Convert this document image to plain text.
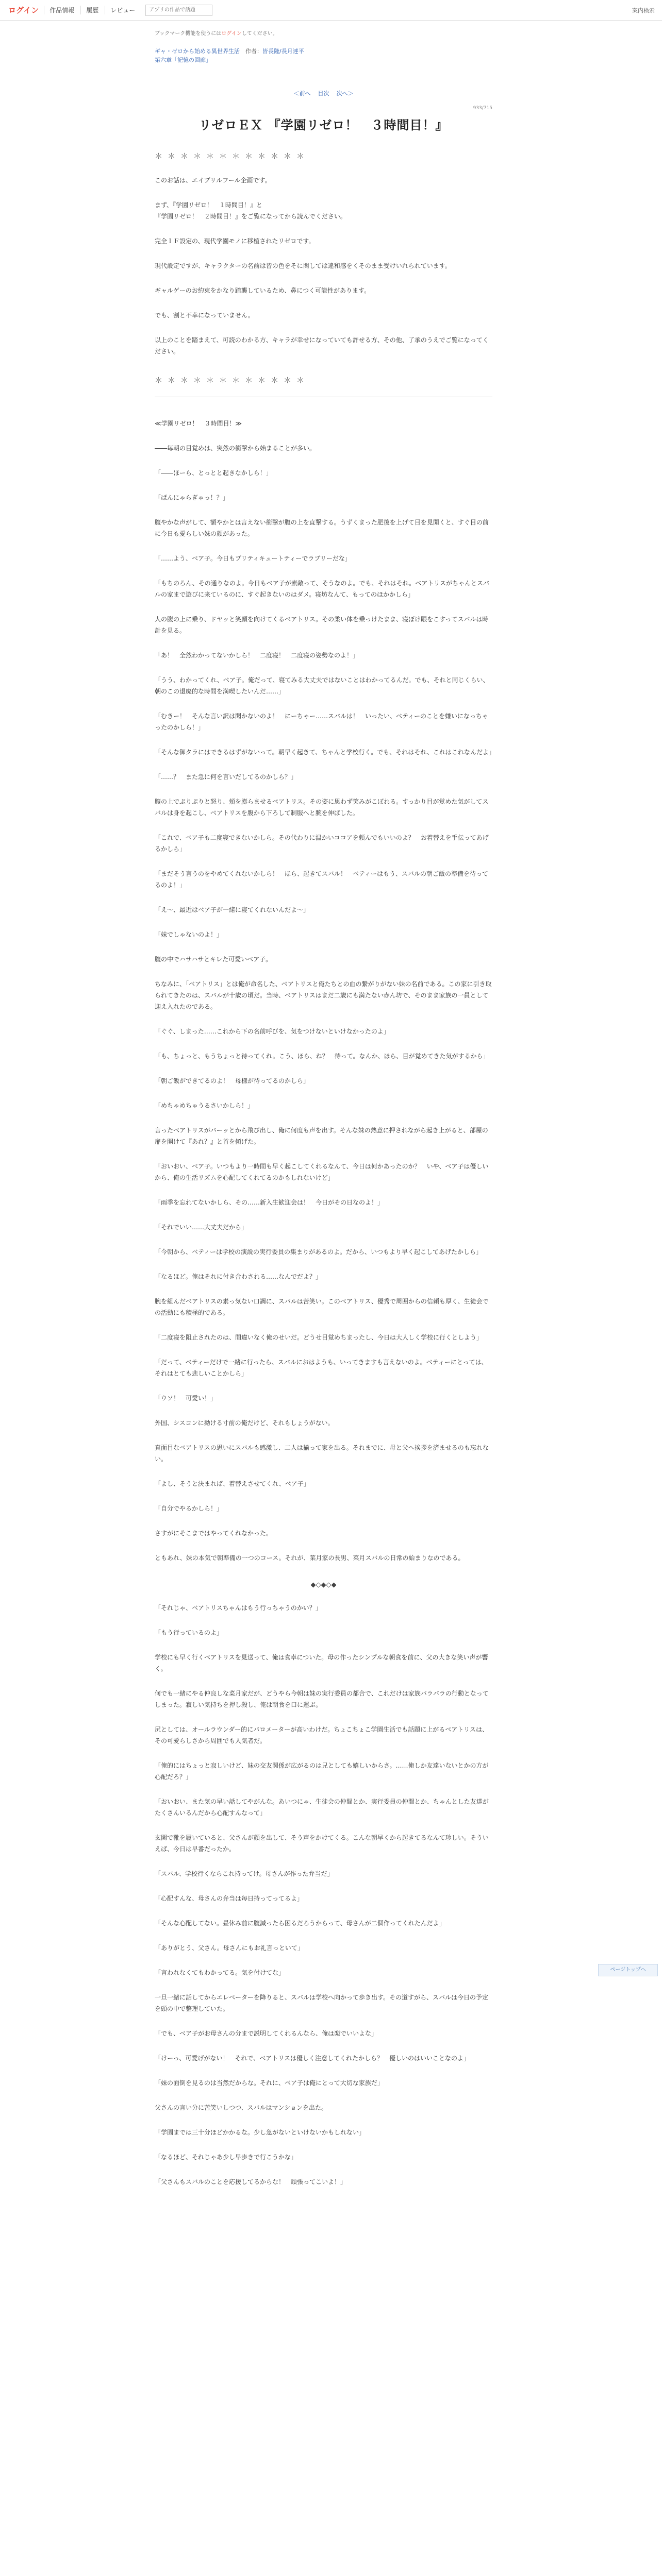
ログイン	作品情報	履歴	レビュー
アプリの作品で話題	案内検索
ブックマーク機能を使うにはログインしてください。
ギャ・ゼロから始める異世界生活　 作者：皆長隆/長月達平
第六章「記憶の回廊」
＜前へ 目次 次へ＞
933/715
リゼロＥＸ 『学園リゼロ！　３時間目！』
＊＊＊＊＊＊＊＊＊＊＊＊

このお話は、エイプリルフール企画です。

まず、『学園リゼロ！　１時間目！』と
『学園リゼロ！　２時間目！』をご覧になってから読んでください。

完全ＩＦ設定の、現代学園モノに移植されたリゼロです。

現代設定ですが、キャラクターの名前は皆の色をそに関しては違和感をくそのまま受けいれられています。

ギャルゲーのお約束をかなり踏襲しているため、鼻につく可能性があります。

でも、割と不幸になっていません。

以上のことを踏まえて、可読のわかる方、キャラが幸せになっていても許せる方、その他、了承のうえでご覧になってください。

＊＊＊＊＊＊＊＊＊＊＊＊

≪学園リゼロ！　３時間目！≫

――毎朝の目覚めは、突然の衝撃から始まることが多い。

「――ほーら、とっとと起きなかしら！」

「ぱんにゃらぎゃっ！？」

腹やかな声がして、額やかとは言えない衝撃が腹の上を直撃する。うずくまった肥後を上げて目を見開くと、すぐ目の前に今日も愛らしい妹の顔があった。

「……よう、ベア子。今日もプリティキュートティーでラブリーだな」

「もちのろん、その通りなのよ。今日もベア子が素敵って、そうなのよ。でも、それはそれ。ベアトリスがちゃんとスバルの家まで遊びに来ているのに、すぐ起きないのはダメ。寝坊なんて、もってのほかかしら」

人の腹の上に乗り、ドヤッと笑顔を向けてくるベアトリス。その柔い体を乗っけたまま、寝ぼけ眼をこすってスバルは時計を見る。

「あ！　全然わかってないかしら！　二度寝！　二度寝の姿勢なのよ！」

「うう、わかってくれ、ベア子。俺だって、寝てみる大丈夫ではないことはわかってるんだ。でも、それと同じくらい、朝のこの退廃的な時間を満喫したいんだ……」

「むきー！　そんな言い訳は聞かないのよ！　にーちゃー……スバルは！　いったい、ベティーのことを嫌いになっちゃったのかしら！」

「そんな御タラにはできるはずがないって。朝早く起きて、ちゃんと学校行く。でも、それはそれ、これはこれなんだよ」

「……？　また急に何を言いだしてるのかしら？」

腹の上でぷりぷりと怒り、頬を膨らませるベアトリス。その姿に思わず笑みがこぼれる。すっかり目が覚めた気がしてスバルは身を起こし、ベアトリスを腹から下ろして制服へと腕を伸ばした。

「これで、ベア子も二度寝できないかしら。その代わりに温かいココアを頼んでもいいのよ？　お着替えを手伝ってあげるかしら」

「まだそう言うのをやめてくれないかしら！　ほら、起きてスバル！　ベティーはもう、スバルの朝ご飯の準備を待ってるのよ！」

「え～、最近はベア子が一緒に寝てくれないんだよ～」

「妹でしゃないのよ！」

腹の中でハサハサとキレた可愛いベア子。

ちなみに、「ベアトリス」とは俺が命名した、ベアトリスと俺たちとの血の繋がりがない妹の名前である。この家に引き取られてきたのは、スバルが十歳の頃だ。当時、ベアトリスはまだ二歳にも満たない赤ん坊で、そのまま家族の一員として迎え入れたのである。

「ぐぐ、しまった……これから下の名前呼びを、気をつけないといけなかったのよ」

「も、ちょっと、もうちょっと待ってくれ。こう、ほら、ね？　待って。なんか、ほら、目が覚めてきた気がするから」

「朝ご飯ができてるのよ！　母様が待ってるのかしら」

「めちゃめちゃうるさいかしら！」

言ったベアトリスがバーッとから飛び出し、俺に何度も声を出す。そんな妹の熱意に押されながら起き上がると、部屋の扉を開けて『あれ？』と首を傾げた。

「おいおい、ベア子。いつもより一時間も早く起こしてくれるなんて、今日は何かあったのか？　いや、ベア子は優しいから、俺の生活リズムを心配してくれてるのかもしれないけど」

「雨季を忘れてないかしら、その……新入生歓迎会は！　今日がその日なのよ！」

「それでいい……大丈夫だから」

「今朝から、ベティーは学校の演説の実行委員の集まりがあるのよ。だから、いつもより早く起こしてあげたかしら」

「なるほど。俺はそれに付き合わされる……なんでだよ？」

腕を組んだベアトリスの素っ気ない口調に、スバルは苦笑い。このベアトリス、優秀で周囲からの信頼も厚く、生徒会での活動にも積極的である。

「二度寝を阻止されたのは、間違いなく俺のせいだ。どうせ目覚めちまったし、今日は大人しく学校に行くとしよう」

「だって、ベティーだけで一緒に行ったら、スバルにおはようも、いってきますも言えないのよ。ベティーにとっては、それはとても悲しいことかしら」

「ウソ！　可愛い！」

外国、シスコンに拗ける寸前の俺だけど、それもしょうがない。

真面目なベアトリスの思いにスバルも感激し、二人は揃って家を出る。それまでに、母と父へ挨拶を済ませるのも忘れない。

「よし、そうと決まれば、着替えさせてくれ、ベア子」

「自分でやるかしら！」

さすがにそこまではやってくれなかった。

ともあれ、妹の本気で朝準備の一つのコース。それが、菜月家の長男、菜月スバルの日常の始まりなのである。

◆◇◆◇◆

「それじゃ、ベアトリスちゃんはもう行っちゃうのかい？」

「もう行っているのよ」

学校にも早く行くベアトリスを見送って、俺は食卓についた。母の作ったシンプルな朝食を前に、父の大きな笑い声が響く。

何でも一緒にやる仲良しな菜月家だが、どうやら今朝は妹の実行委員の都合で、これだけは家族バラバラの行動となってしまった。寂しい気持ちを押し殺し、俺は朝食を口に運ぶ。

尻としては、オールラウンダー的にバロメーターが高いわけだ。ちょこちょこ学園生活でも話題に上がるベアトリスは、その可愛らしさから周囲でも人気者だ。

「俺的にはちょっと寂しいけど、妹の交友関係が広がるのは兄としても嬉しいからさ。……俺しか友達いないとかの方が心配だろ？」

「おいおい、また気の早い話してやがんな。あいつにゃ、生徒会の仲間とか、実行委員の仲間とか、ちゃんとした友達がたくさんいるんだから心配すんなって」

玄関で靴を履いていると、父さんが顔を出して、そう声をかけてくる。こんな朝早くから起きてるなんて珍しい。そういえば、今日は早番だったか。

「スバル、学校行くならこれ持ってけ。母さんが作った弁当だ」

「心配すんな、母さんの弁当は毎日持ってってるよ」

「そんな心配してない。昼休み前に腹減ったら困るだろうからって、母さんが二個作ってくれたんだよ」

「ありがとう、父さん。母さんにもお礼言っといて」

「言われなくてもわかってる。気を付けてな」

一旦一緒に話してからエレベーターを降りると、スバルは学校へ向かって歩き出す。その道すがら、スバルは今日の予定を頭の中で整理していた。

「でも、ベア子がお母さんの分まで説明してくれるんなら、俺は楽でいいよな」

「けーっ、可愛げがない！　それで、ベアトリスは優しく注意してくれたかしら？　優しいのはいいことなのよ」

「妹の面倒を見るのは当然だからな。それに、ベア子は俺にとって大切な家族だ」

父さんの言い分に苦笑いしつつ、スバルはマンションを出た。

「学園までは三十分ほどかかるな。少し急がないといけないかもしれない」

「なるほど、それじゃあ少し早歩きで行こうかな」

「父さんもスバルのことを応援してるからな！　頑張ってこいよ！」

ページトップへ
